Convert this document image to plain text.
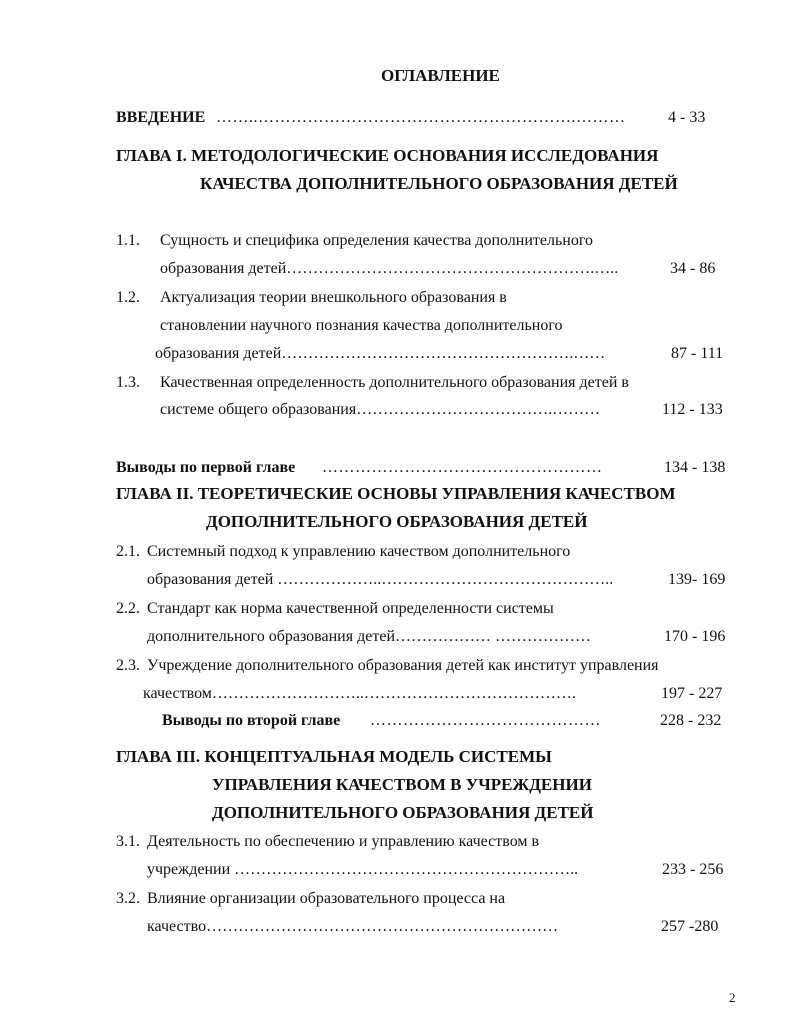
ОГЛАВЛЕНИЕ
ВВЕДЕНИЕ ……..………………………………………………….………	4 - 33
ГЛАВА I. МЕТОДОЛОГИЧЕСКИЕ ОСНОВАНИЯ ИССЛЕДОВАНИЯ
КАЧЕСТВА ДОПОЛНИТЕЛЬНОГО ОБРАЗОВАНИЯ ДЕТЕЙ
1.1. Сущность и специфика определения качества дополнительного
образования детей………………………………………………….…..	34 - 86
1.2. Актуализация теории внешкольного образования в
становлении научного познания качества дополнительного
образования детей……………………………………………….……	87 - 111
1.3. Качественная определенность дополнительного образования детей в
системе общего образования……………………………….………	112 - 133
Выводы по первой главе ……………………………………………	134 - 138
ГЛАВА II. ТЕОРЕТИЧЕСКИЕ ОСНОВЫ УПРАВЛЕНИЯ КАЧЕСТВОМ
ДОПОЛНИТЕЛЬНОГО ОБРАЗОВАНИЯ ДЕТЕЙ
2.1. Системный подход к управлению качеством дополнительного
образования детей ………………..……………………………………..	139- 169
2.2. Стандарт как норма качественной определенности системы
дополнительного образования детей……………… ………………	170 - 196
2.3. Учреждение дополнительного образования детей как институт управления
качеством………………………..………………………………….	197 - 227
Выводы по второй главе ……………………………………	228 - 232
ГЛАВА III. КОНЦЕПТУАЛЬНАЯ МОДЕЛЬ СИСТЕМЫ
УПРАВЛЕНИЯ КАЧЕСТВОМ В УЧРЕЖДЕНИИ
ДОПОЛНИТЕЛЬНОГО ОБРАЗОВАНИЯ ДЕТЕЙ
3.1. Деятельность по обеспечению и управлению качеством в
учреждении ………………………………………………………..	233 - 256
3.2. Влияние организации образовательного процесса на
качество…………………………………………………………	257 -280
2
